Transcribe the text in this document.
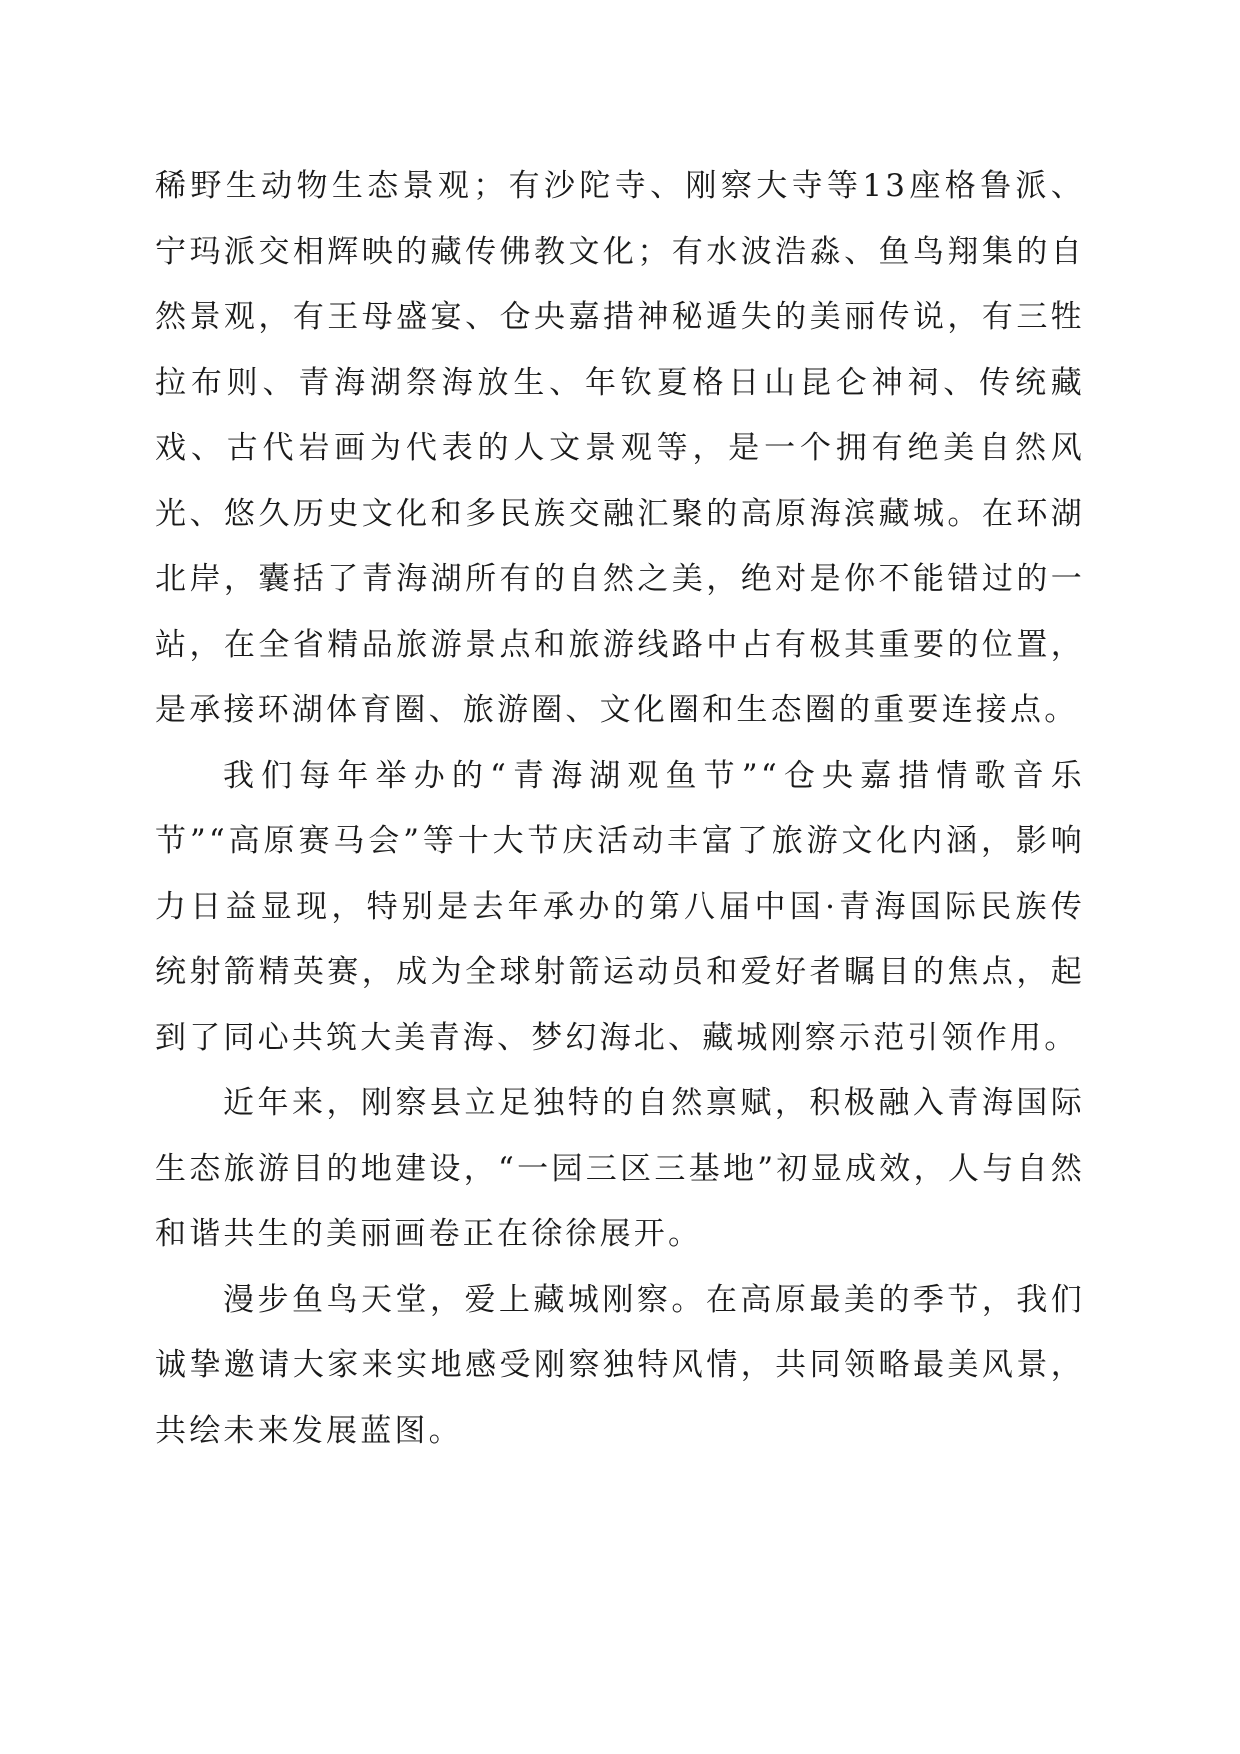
稀野生动物生态景观；有沙陀寺、刚察大寺等13座格鲁派、宁玛派交相辉映的藏传佛教文化；有水波浩淼、鱼鸟翔集的自然景观，有王母盛宴、仓央嘉措神秘遁失的美丽传说，有三牲拉布则、青海湖祭海放生、年钦夏格日山昆仑神祠、传统藏戏、古代岩画为代表的人文景观等，是一个拥有绝美自然风光、悠久历史文化和多民族交融汇聚的高原海滨藏城。在环湖北岸，囊括了青海湖所有的自然之美，绝对是你不能错过的一站，在全省精品旅游景点和旅游线路中占有极其重要的位置，是承接环湖体育圈、旅游圈、文化圈和生态圈的重要连接点。

我们每年举办的“青海湖观鱼节”“仓央嘉措情歌音乐节”“高原赛马会”等十大节庆活动丰富了旅游文化内涵，影响力日益显现，特别是去年承办的第八届中国·青海国际民族传统射箭精英赛，成为全球射箭运动员和爱好者瞩目的焦点，起到了同心共筑大美青海、梦幻海北、藏城刚察示范引领作用。

近年来，刚察县立足独特的自然禀赋，积极融入青海国际生态旅游目的地建设，“一园三区三基地”初显成效，人与自然和谐共生的美丽画卷正在徐徐展开。

漫步鱼鸟天堂，爱上藏城刚察。在高原最美的季节，我们诚挚邀请大家来实地感受刚察独特风情，共同领略最美风景，共绘未来发展蓝图。
